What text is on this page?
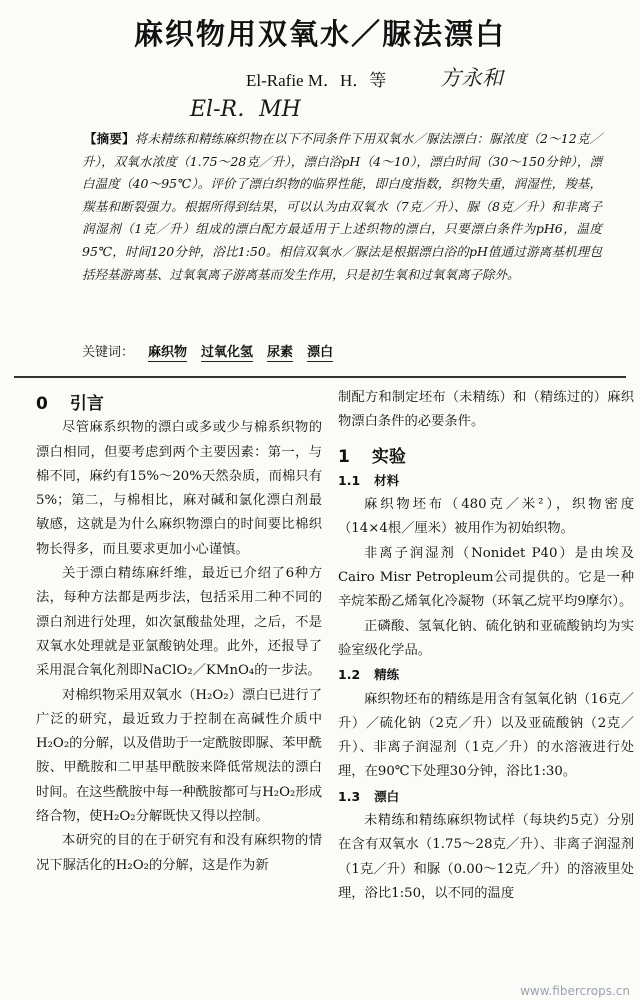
麻织物用双氧水／脲法漂白
El-Rafie M．H．等	方永和
El-R．MH
【摘要】将未精练和精练麻织物在以下不同条件下用双氧水／脲法漂白：脲浓度（2～12克／升），双氧水浓度（1.75～28克／升），漂白浴pH（4～10），漂白时间（30～150分钟），漂白温度（40～95℃）。评价了漂白织物的临界性能，即白度指数，织物失重，润湿性，羧基，羰基和断裂强力。根据所得到结果，可以认为由双氧水（7克／升）、脲（8克／升）和非离子润湿剂（1克／升）组成的漂白配方最适用于上述织物的漂白，只要漂白条件为pH6，温度95℃，时间120分钟，浴比1:50。相信双氧水／脲法是根据漂白浴的pH值通过游离基机理包括羟基游离基、过氧氧离子游离基而发生作用，只是初生氧和过氧氧离子除外。
关键词： 麻织物 过氧化氢 尿素 漂白

0 引言

尽管麻系织物的漂白或多或少与棉系织物的漂白相同，但要考虑到两个主要因素：第一，与棉不同，麻约有15%～20%天然杂质，而棉只有5%；第二，与棉相比，麻对碱和氯化漂白剂最敏感，这就是为什么麻织物漂白的时间要比棉织物长得多，而且要求更加小心谨慎。

关于漂白精练麻纤维，最近已介绍了6种方法，每种方法都是两步法，包括采用二种不同的漂白剂进行处理，如次氯酸盐处理，之后，不是双氧水处理就是亚氯酸钠处理。此外，还报导了采用混合氧化剂即NaClO₂／KMnO₄的一步法。

对棉织物采用双氧水（H₂O₂）漂白已进行了广泛的研究，最近致力于控制在高碱性介质中H₂O₂的分解，以及借助于一定酰胺即脲、苯甲酰胺、甲酰胺和二甲基甲酰胺来降低常规法的漂白时间。在这些酰胺中每一种酰胺都可与H₂O₂形成络合物，使H₂O₂分解既快又得以控制。

本研究的目的在于研究有和没有麻织物的情况下脲活化的H₂O₂的分解，这是作为新

制配方和制定坯布（未精练）和（精练过的）麻织物漂白条件的必要条件。

1 实验

1.1 材料

麻织物坯布（480克／米²），织物密度（14×4根／厘米）被用作为初始织物。

非离子润湿剂（Nonidet P40）是由埃及Cairo Misr Petropleum公司提供的。它是一种辛烷苯酚乙烯氧化冷凝物（环氧乙烷平均9摩尔）。

正磷酸、氢氧化钠、硫化钠和亚硫酸钠均为实验室级化学品。

1.2 精练

麻织物坯布的精练是用含有氢氧化钠（16克／升）／硫化钠（2克／升）以及亚硫酸钠（2克／升）、非离子润湿剂（1克／升）的水溶液进行处理，在90℃下处理30分钟，浴比1:30。

1.3 漂白

未精练和精练麻织物试样（每块约5克）分别在含有双氧水（1.75～28克／升）、非离子润湿剂（1克／升）和脲（0.00～12克／升）的溶液里处理，浴比1:50，以不同的温度

www.fibercrops.cn
